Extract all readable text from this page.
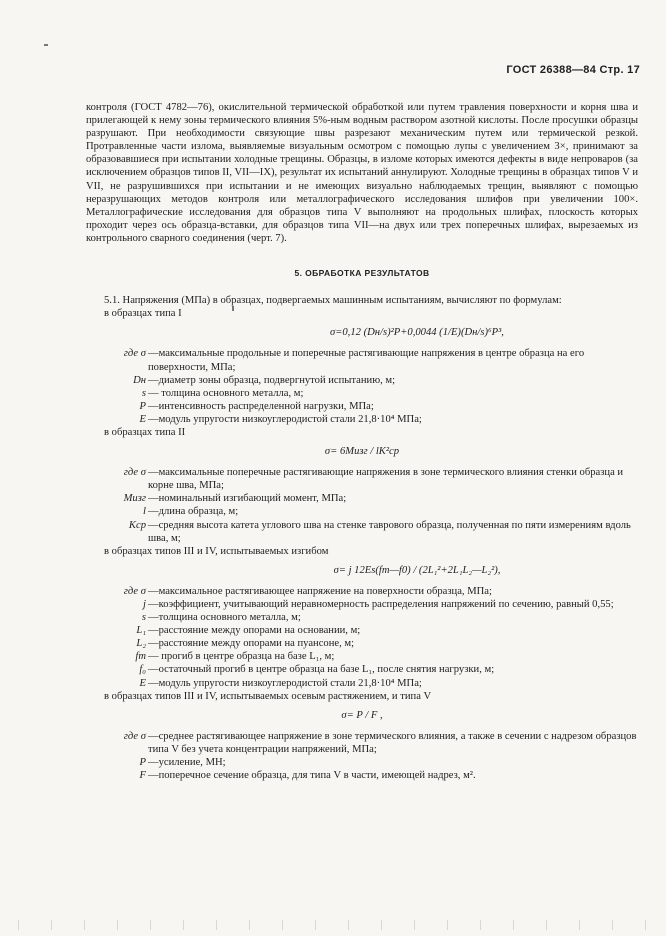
ГОСТ 26388—84 Стр. 17

контроля (ГОСТ 4782—76), окислительной термической обработкой или путем травления поверхности и корня шва и прилегающей к нему зоны термического влияния 5%-ным водным раствором азотной кислоты. После просушки образцы разрушают. При необходимости связующие швы разрезают механическим путем или термической резкой. Протравленные части излома, выявляемые визуальным осмотром с помощью лупы с увеличением 3×, принимают за образовавшиеся при испытании холодные трещины. Образцы, в изломе которых имеются дефекты в виде непроваров (за исключением образцов типов II, VII—IX), результат их испытаний аннулируют. Холодные трещины в образцах типов V и VII, не разрушившихся при испытании и не имеющих визуально наблюдаемых трещин, выявляют с помощью неразрушающих методов контроля или металлографического исследования шлифов при увеличении 100×. Металлографические исследования для образцов типа V выполняют на продольных шлифах, плоскость которых проходит через ось образца-вставки, для образцов типа VII—на двух или трех поперечных шлифах, вырезаемых из контрольного сварного соединения (черт. 7).

5. ОБРАБОТКА РЕЗУЛЬТАТОВ

5.1. Напряжения (МПа) в образцах, подвергаемых машинным испытаниям, вычисляют по формулам:

в образцах типа I

σ=0,12 (Dн/s)²P+0,0044 (1/E)(Dн/s)⁶P³,
где σ —максимальные продольные и поперечные растягивающие напряжения в центре образца на его поверхности, МПа;
Dн —диаметр зоны образца, подвергнутой испытанию, м;
s — толщина основного металла, м;
P —интенсивность распределенной нагрузки, МПа;
E —модуль упругости низкоуглеродистой стали 21,8·10⁴ МПа;

в образцах типа II

σ= 6Mизг / lK²ср
где σ —максимальные поперечные растягивающие напряжения в зоне термического влияния стенки образца и корне шва, МПа;
Mизг —номинальный изгибающий момент, МПа;
l —длина образца, м;
Kср —средняя высота катета углового шва на стенке таврового образца, полученная по пяти измерениям вдоль шва, м;

в образцах типов III и IV, испытываемых изгибом

σ= j 12Es(fm—f0) / (2L₁²+2L₁L₂—L₂²),
где σ —максимальное растягивающее напряжение на поверхности образца, МПа;
j —коэффициент, учитывающий неравномерность распределения напряжений по сечению, равный 0,55;
s —толщина основного металла, м;
L₁ —расстояние между опорами на основании, м;
L₂ —расстояние между опорами на пуансоне, м;
fm — прогиб в центре образца на базе L₁, м;
f₀ —остаточный прогиб в центре образца на базе L₁, после снятия нагрузки, м;
E —модуль упругости низкоуглеродистой стали 21,8·10⁴ МПа;

в образцах типов III и IV, испытываемых осевым растяжением, и типа V

σ= P / F ,
где σ —среднее растягивающее напряжение в зоне термического влияния, а также в сечении с надрезом образцов типа V без учета концентрации напряжений, МПа;
P —усиление, МН;
F —поперечное сечение образца, для типа V в части, имеющей надрез, м².
